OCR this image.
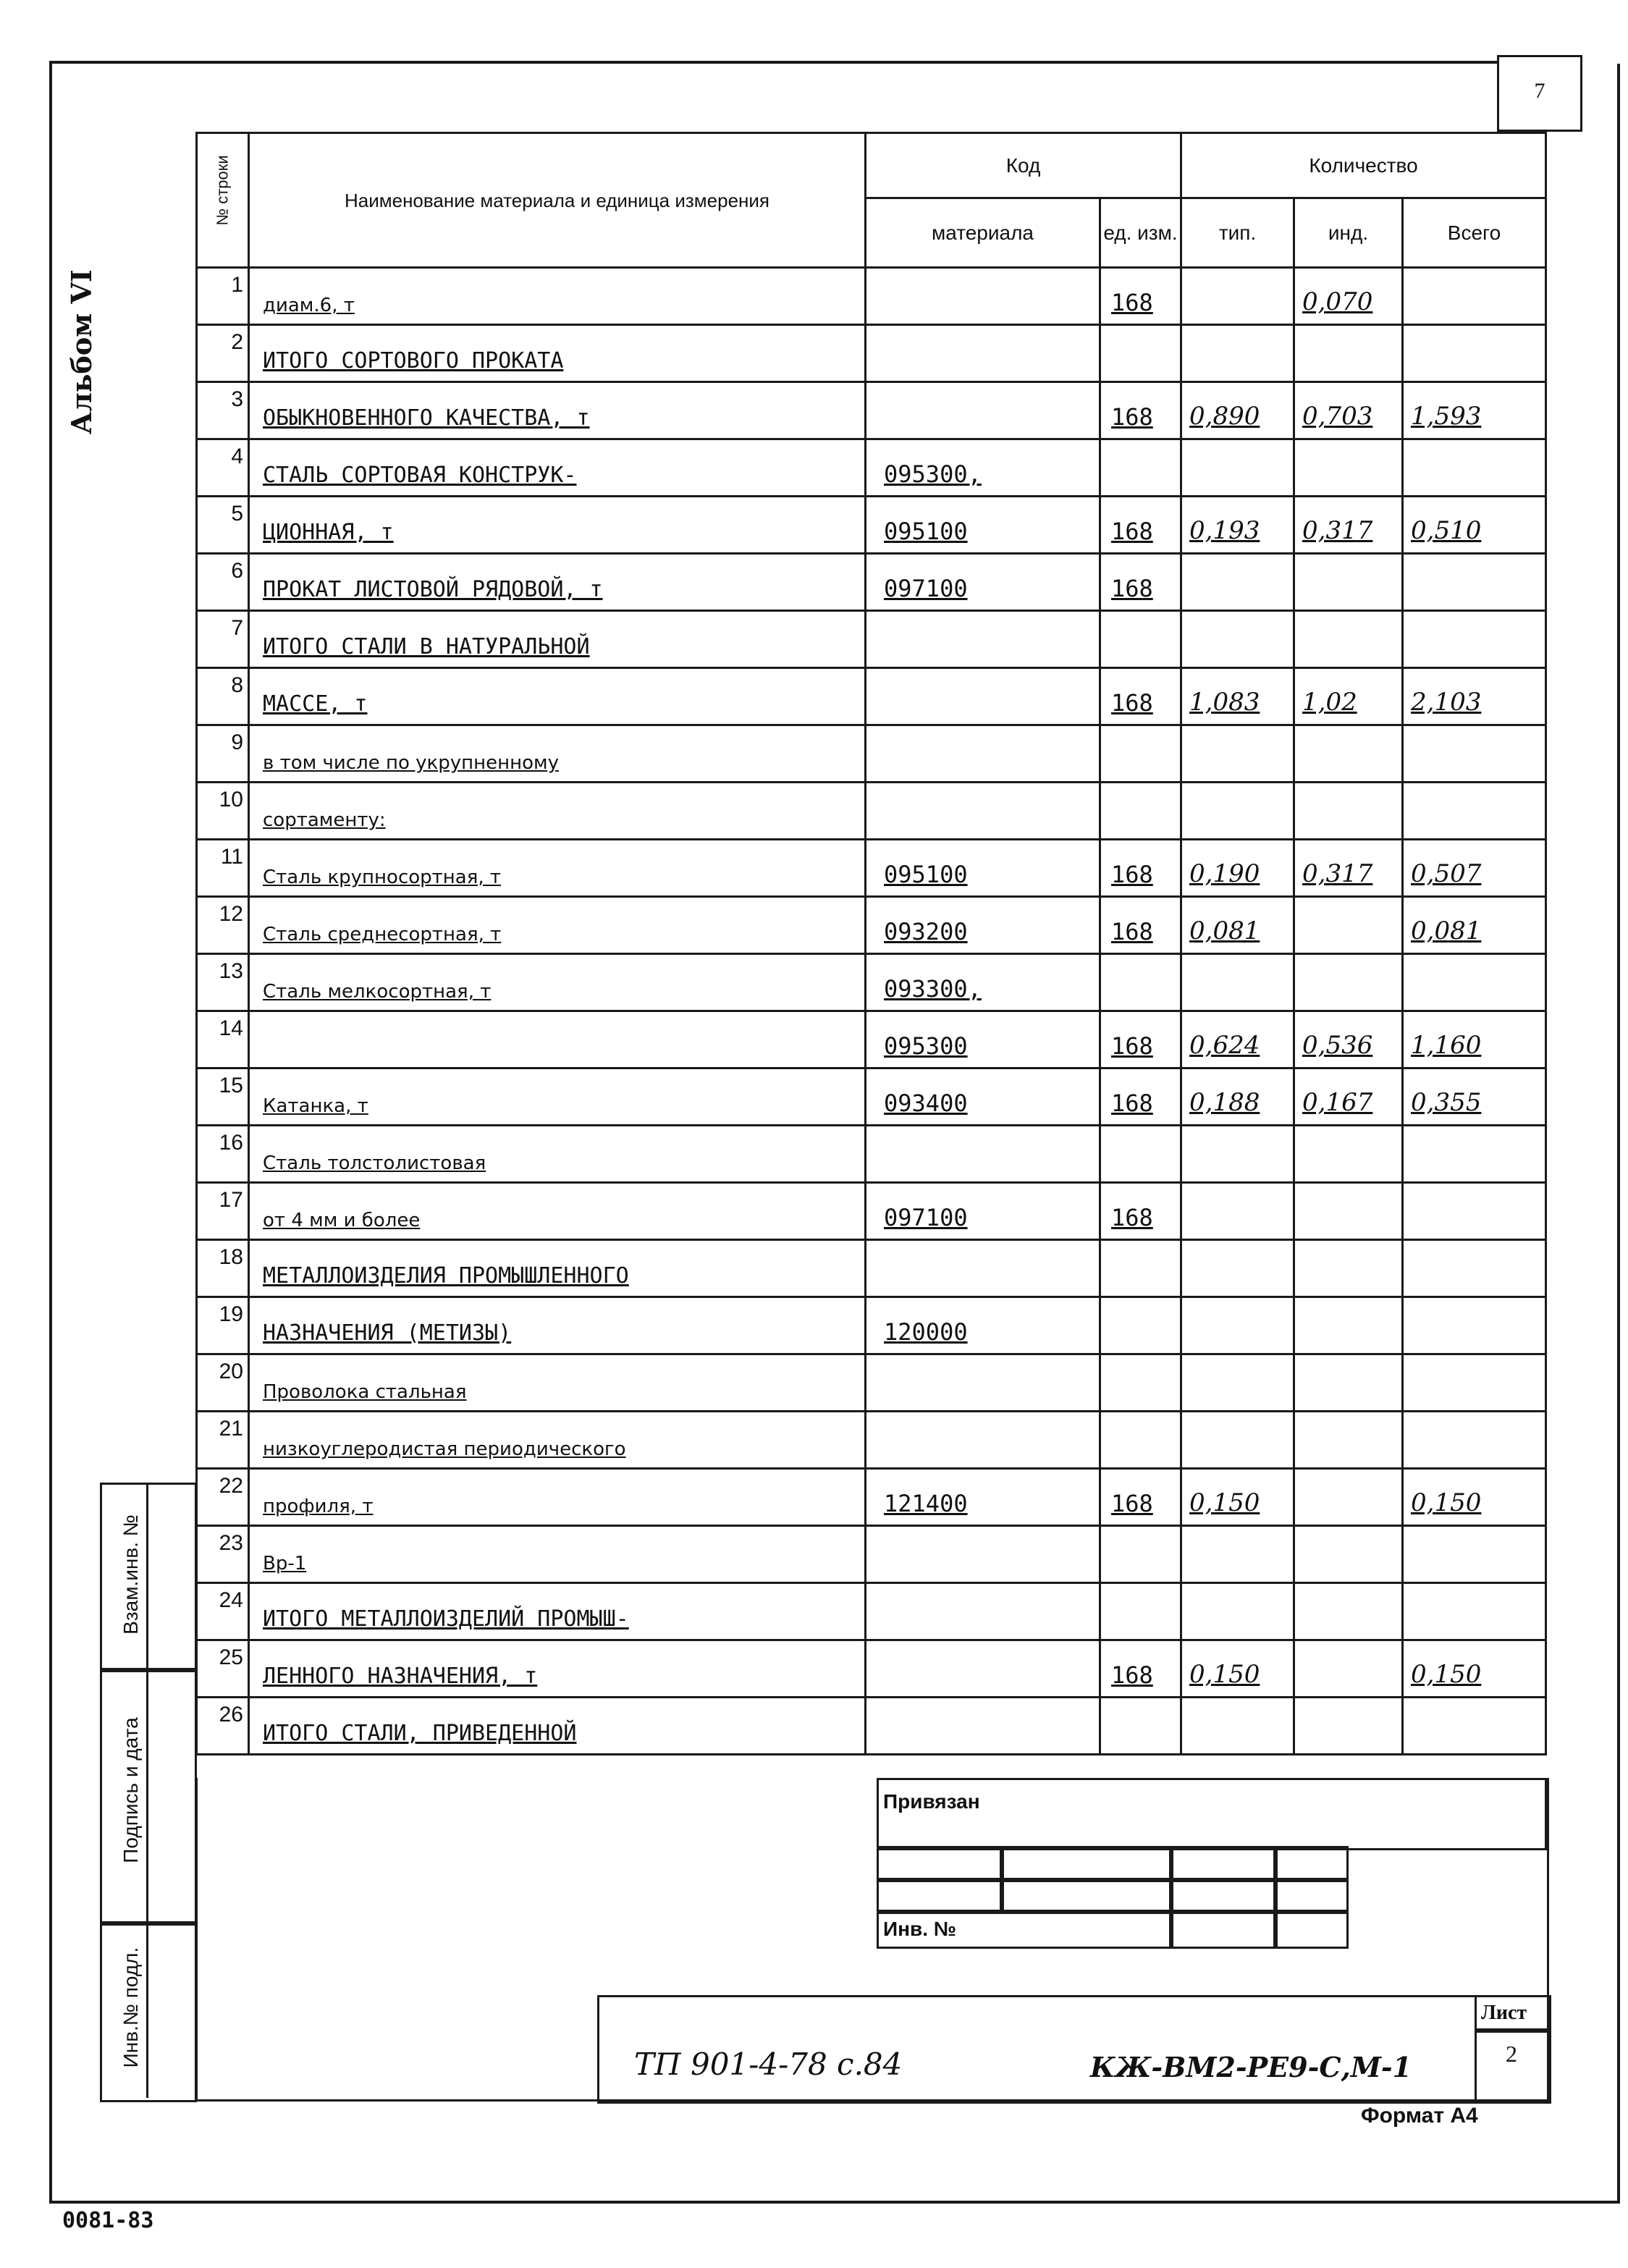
7
Альбом VI
№ строки	Наименование материала и единица измерения	Код		Количество		
		материала	ед. изм.	тип.	инд.	Всего
1	диам.6, т		168		0,070	

2	ИТОГО СОРТОВОГО ПРОКАТА					

3	ОБЫКНОВЕННОГО КАЧЕСТВА, т		168	0,890	0,703	1,593

4	СТАЛЬ СОРТОВАЯ КОНСТРУК-	095300,				

5	ЦИОННАЯ, т	095100	168	0,193	0,317	0,510

6	ПРОКАТ ЛИСТОВОЙ РЯДОВОЙ, т	097100	168			

7	ИТОГО СТАЛИ В НАТУРАЛЬНОЙ					

8	МАССЕ, т		168	1,083	1,02	2,103

9	в том числе по укрупненному					

10	сортаменту:					

11	Сталь крупносортная, т	095100	168	0,190	0,317	0,507

12	Сталь среднесортная, т	093200	168	0,081		0,081

13	Сталь мелкосортная, т	093300,				

14		095300	168	0,624	0,536	1,160

15	Катанка, т	093400	168	0,188	0,167	0,355

16	Сталь толстолистовая					

17	от 4 мм и более	097100	168			

18	МЕТАЛЛОИЗДЕЛИЯ ПРОМЫШЛЕННОГО					

19	НАЗНАЧЕНИЯ (МЕТИЗЫ)	120000				

20	Проволока стальная					

21	низкоуглеродистая периодического					

22	профиля, т	121400	168	0,150		0,150

23	Вр-1					

24	ИТОГО МЕТАЛЛОИЗДЕЛИЙ ПРОМЫШ-					

25	ЛЕННОГО НАЗНАЧЕНИЯ, т		168	0,150		0,150

26	ИТОГО СТАЛИ, ПРИВЕДЕННОЙ					

Взам.инв. №
Подпись и дата
Инв.№ подл.
Привязан
Инв. №
ТП 901-4-78 с.84	КЖ-ВМ2-РЕ9-С,М-1
Лист
2
Формат А4
0081-83
